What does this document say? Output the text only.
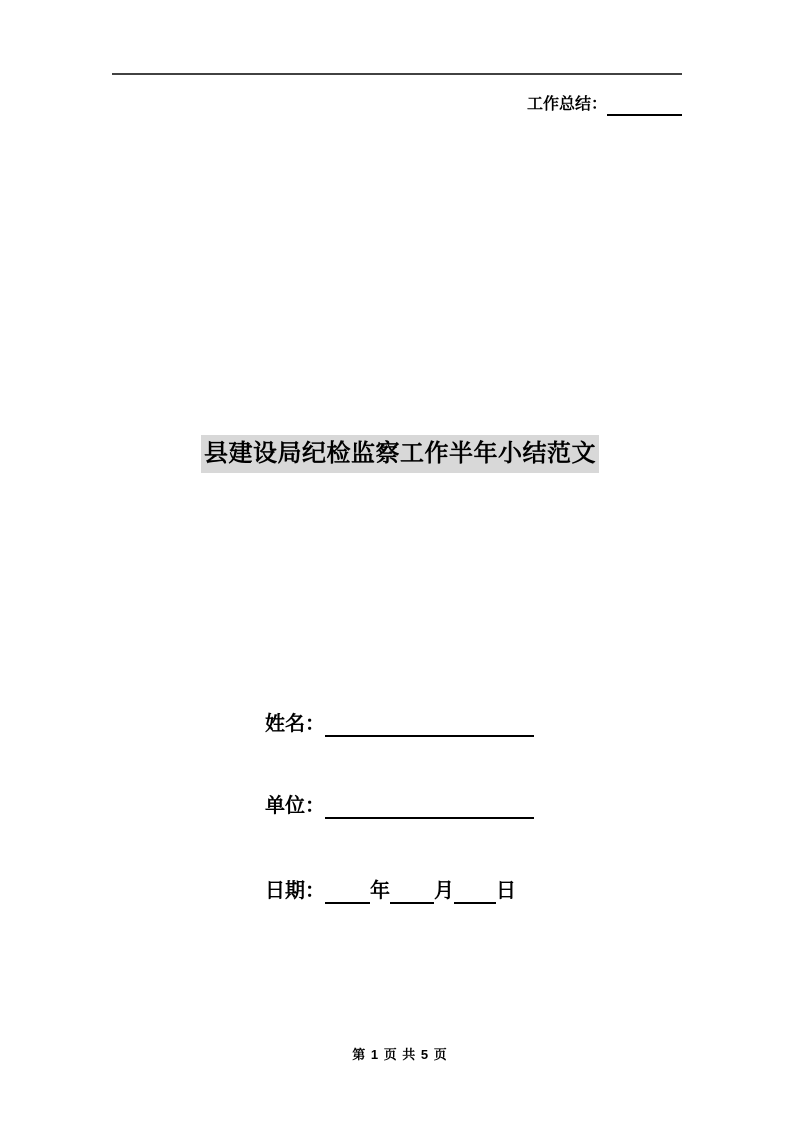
工作总结：
县建设局纪检监察工作半年小结范文
姓名：
单位：
日期： 年 月 日
第 1 页 共 5 页
